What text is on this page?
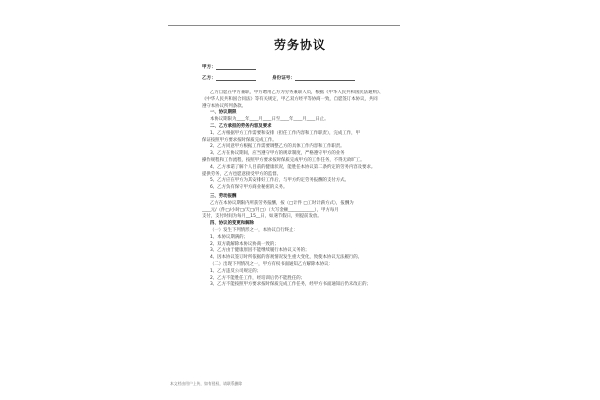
劳务协议
甲方：
乙方：	身份证号：
乙方自愿在甲方兼职，甲方聘用乙方为劳务兼职人员，根据《中华人民共和国民法通则》、
《中华人民共和国合同法》等有关规定，甲乙双方经平等协商一致，自愿签订本协议，共同
遵守本协议所列条款。
一、协议期限
本协议期限为____年____月____日至____年____月____日止。
二、乙方承担的劳务内容及要求
1、乙方根据甲方工作需要和安排（担任工作内容和工作职责），完成工作，甲
保证按照甲方要求按时保质完成工作。
2、乙方同意甲方根据工作需要调整乙方的具体工作内容和工作职责。
3、乙方在协议期间，应当遵守甲方的规章制度，严格遵守甲方的业务
操作规程和工作流程，按照甲方要求按时保质完成甲方的工作任务，不得无故旷工。
4、乙方承诺了解个人目前的健康状况，能胜任本协议第二条约定的劳务内容及要求。
提供劳务，乙方也愿意接受甲方的监督。
5、乙方应在甲方为其安排好工作后，与甲方约定劳务报酬的支付方式。
6、乙方负有保守甲方商业秘密的义务。
三、劳动报酬
乙方在本协议期限内所获劳务报酬，按（□计件 □工时计薪方式），报酬为
____元/（件□/小时□/天□/月□）（大写金额____________），甲方每月
支付，支付时间为每月__15__日，如遇节假日，则提前发放。
四、协议的变更和解除
（一）发生下列情形之一，本协议自行终止：
1、本协议期满的；
2、双方就解除本协议协商一致的；
3、乙方由于健康原因不能继续履行本协议义务的；
4、因本协议签订时所依据的客观情况发生重大变化，致使本协议无法履行的。
（二）出现下列情况之一，甲方有权书面通知乙方解除本协议：
1、乙方违反公司规定的；
2、乙方不能胜任工作，经培训后仍不能胜任的；
3、乙方不能按照甲方要求按时保质完成工作任务，经甲方书面通知后仍未改正的；
本文档由用户上传，如有侵权，请联系删除
